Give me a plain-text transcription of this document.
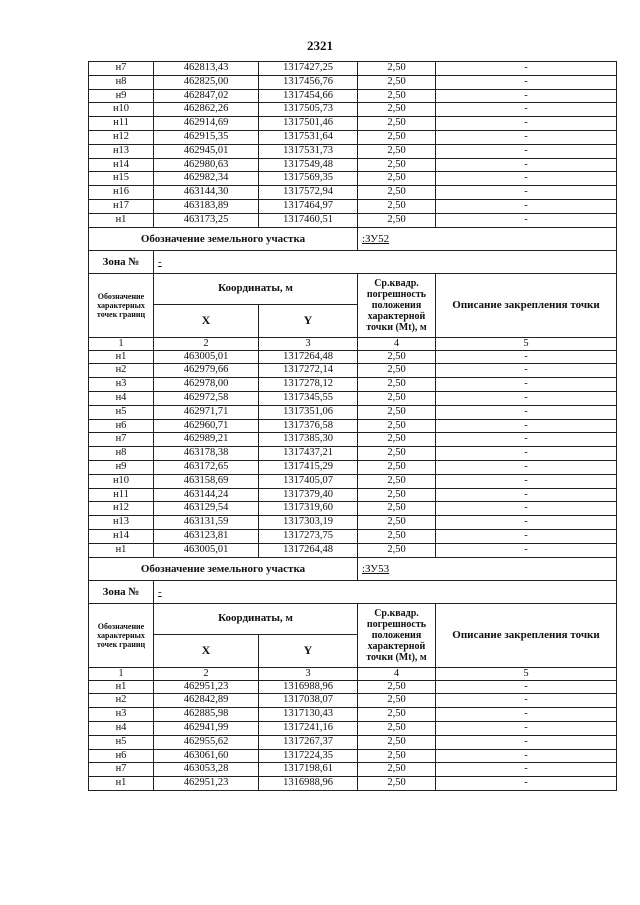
2321
н7	462813,43	1317427,25	2,50	-
н8	462825,00	1317456,76	2,50	-
н9	462847,02	1317454,66	2,50	-
н10	462862,26	1317505,73	2,50	-
н11	462914,69	1317501,46	2,50	-
н12	462915,35	1317531,64	2,50	-
н13	462945,01	1317531,73	2,50	-
н14	462980,63	1317549,48	2,50	-
н15	462982,34	1317569,35	2,50	-
н16	463144,30	1317572,94	2,50	-
н17	463183,89	1317464,97	2,50	-
н1	463173,25	1317460,51	2,50	-
Обозначение земельного участка			:ЗУ52	
Зона №	-			
Обозначение характерных точек границ	Координаты, м		Ср.квадр. погрешность положения характерной точки (Mt), м	Описание закрепления точки
	X	Y		
1	2	3	4	5
н1	463005,01	1317264,48	2,50	-
н2	462979,66	1317272,14	2,50	-
н3	462978,00	1317278,12	2,50	-
н4	462972,58	1317345,55	2,50	-
н5	462971,71	1317351,06	2,50	-
н6	462960,71	1317376,58	2,50	-
н7	462989,21	1317385,30	2,50	-
н8	463178,38	1317437,21	2,50	-
н9	463172,65	1317415,29	2,50	-
н10	463158,69	1317405,07	2,50	-
н11	463144,24	1317379,40	2,50	-
н12	463129,54	1317319,60	2,50	-
н13	463131,59	1317303,19	2,50	-
н14	463123,81	1317273,75	2,50	-
н1	463005,01	1317264,48	2,50	-
Обозначение земельного участка			:ЗУ53	
Зона №	-			
Обозначение характерных точек границ	Координаты, м		Ср.квадр. погрешность положения характерной точки (Mt), м	Описание закрепления точки
	X	Y		
1	2	3	4	5
н1	462951,23	1316988,96	2,50	-
н2	462842,89	1317038,07	2,50	-
н3	462885,98	1317130,43	2,50	-
н4	462941,99	1317241,16	2,50	-
н5	462955,62	1317267,37	2,50	-
н6	463061,60	1317224,35	2,50	-
н7	463053,28	1317198,61	2,50	-
н1	462951,23	1316988,96	2,50	-
